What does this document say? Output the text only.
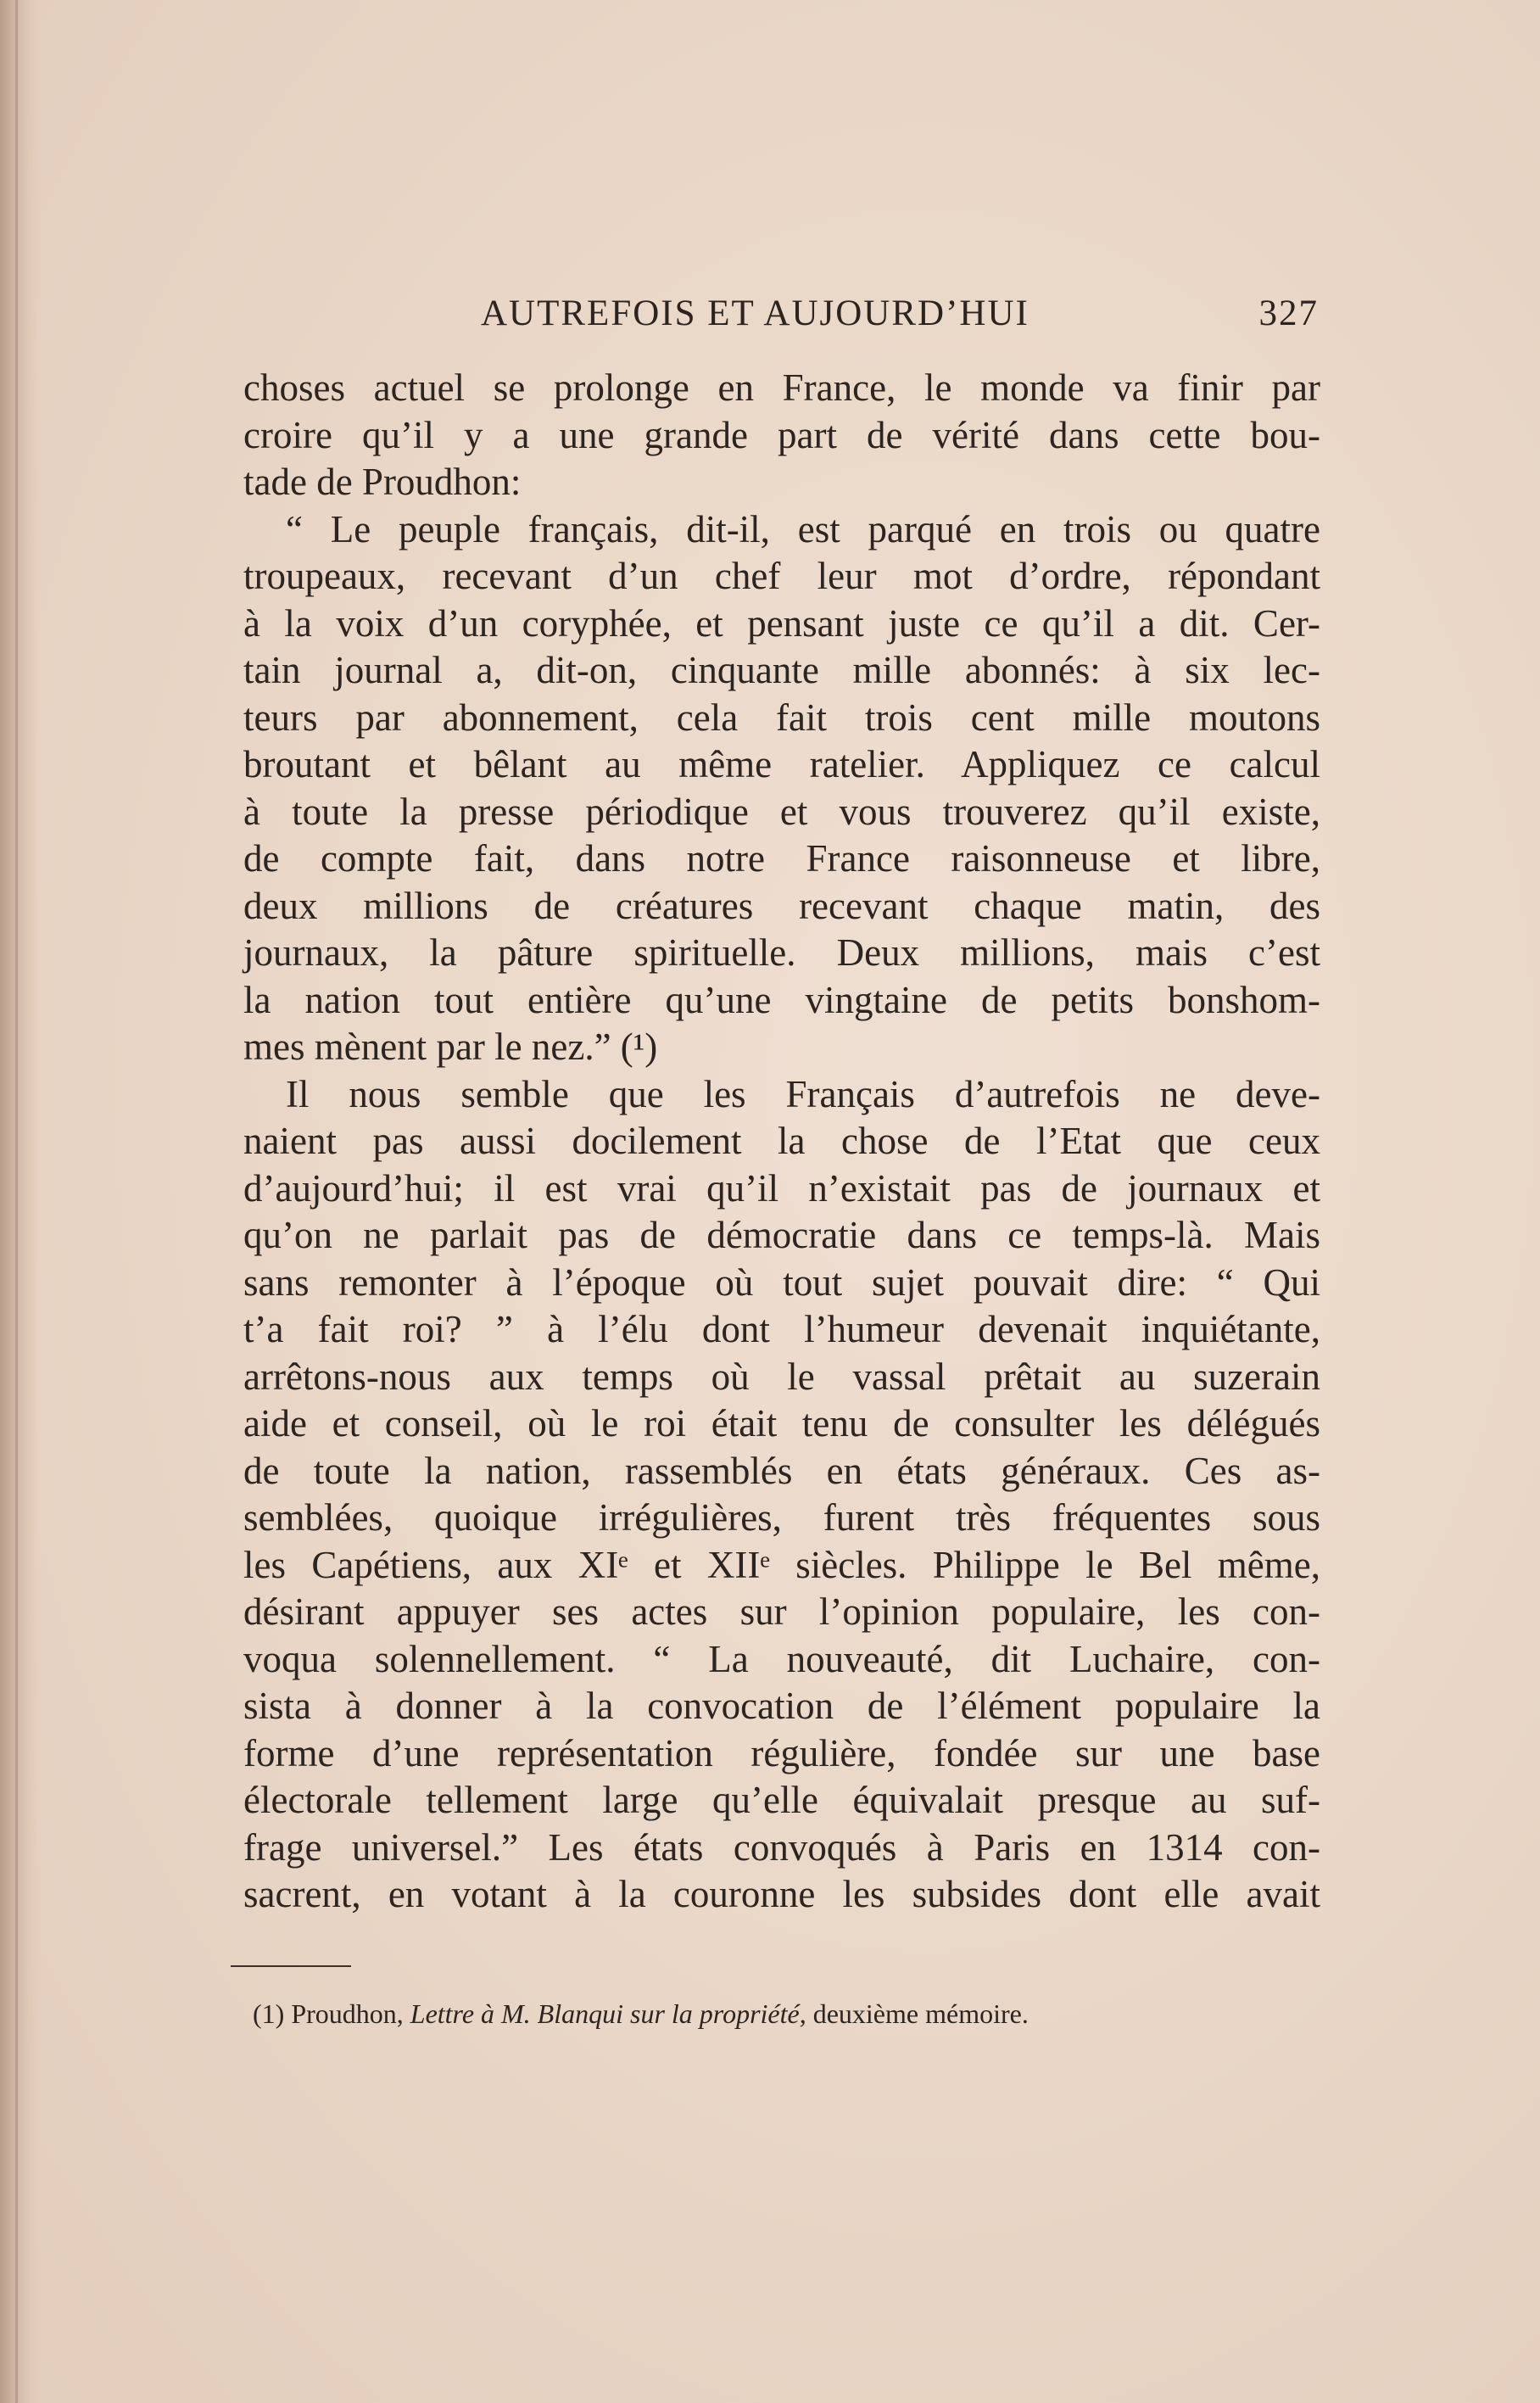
AUTREFOIS ET AUJOURD’HUI	327
choses actuel se prolonge en France, le monde va finir par
croire qu’il y a une grande part de vérité dans cette bou-
tade de Proudhon:
“ Le peuple français, dit-il, est parqué en trois ou quatre
troupeaux, recevant d’un chef leur mot d’ordre, répondant
à la voix d’un coryphée, et pensant juste ce qu’il a dit. Cer-
tain journal a, dit-on, cinquante mille abonnés: à six lec-
teurs par abonnement, cela fait trois cent mille moutons
broutant et bêlant au même ratelier. Appliquez ce calcul
à toute la presse périodique et vous trouverez qu’il existe,
de compte fait, dans notre France raisonneuse et libre,
deux millions de créatures recevant chaque matin, des
journaux, la pâture spirituelle. Deux millions, mais c’est
la nation tout entière qu’une vingtaine de petits bonshom-
mes mènent par le nez.” (¹)
Il nous semble que les Français d’autrefois ne deve-
naient pas aussi docilement la chose de l’Etat que ceux
d’aujourd’hui; il est vrai qu’il n’existait pas de journaux et
qu’on ne parlait pas de démocratie dans ce temps-là. Mais
sans remonter à l’époque où tout sujet pouvait dire: “ Qui
t’a fait roi? ” à l’élu dont l’humeur devenait inquiétante,
arrêtons-nous aux temps où le vassal prêtait au suzerain
aide et conseil, où le roi était tenu de consulter les délégués
de toute la nation, rassemblés en états généraux. Ces as-
semblées, quoique irrégulières, furent très fréquentes sous
les Capétiens, aux XIᵉ et XIIᵉ siècles. Philippe le Bel même,
désirant appuyer ses actes sur l’opinion populaire, les con-
voqua solennellement. “ La nouveauté, dit Luchaire, con-
sista à donner à la convocation de l’élément populaire la
forme d’une représentation régulière, fondée sur une base
électorale tellement large qu’elle équivalait presque au suf-
frage universel.” Les états convoqués à Paris en 1314 con-
sacrent, en votant à la couronne les subsides dont elle avait
(1) Proudhon, Lettre à M. Blanqui sur la propriété, deuxième mémoire.
